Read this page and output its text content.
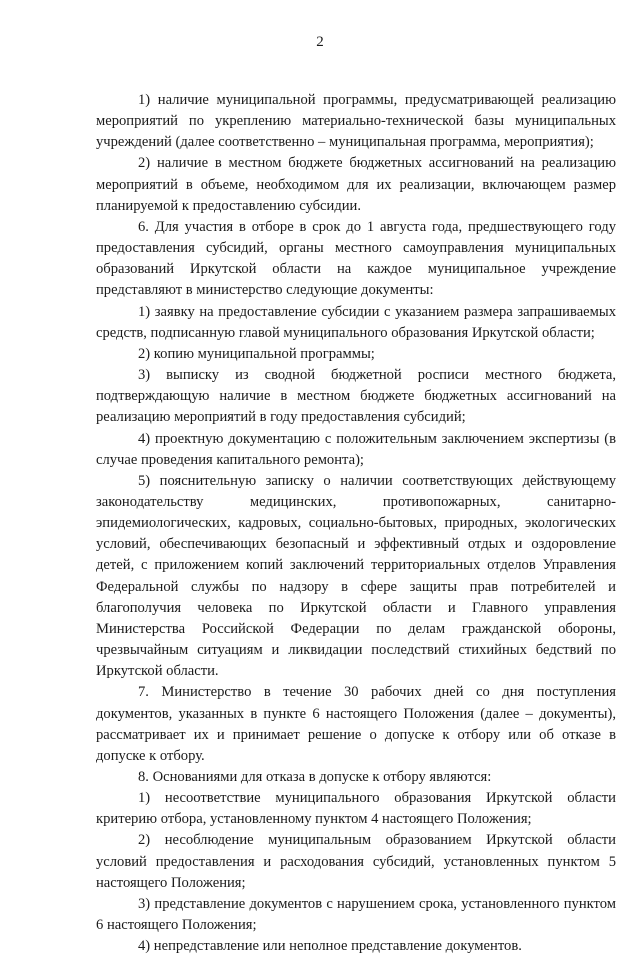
2

1) наличие муниципальной программы, предусматривающей реализацию мероприятий по укреплению материально-технической базы муниципальных учреждений (далее соответственно – муниципальная программа, мероприятия);

2) наличие в местном бюджете бюджетных ассигнований на реализацию мероприятий в объеме, необходимом для их реализации, включающем размер планируемой к предоставлению субсидии.

6. Для участия в отборе в срок до 1 августа года, предшествующего году предоставления субсидий, органы местного самоуправления муниципальных образований Иркутской области на каждое муниципальное учреждение представляют в министерство следующие документы:

1) заявку на предоставление субсидии с указанием размера запрашиваемых средств, подписанную главой муниципального образования Иркутской области;

2) копию муниципальной программы;

3) выписку из сводной бюджетной росписи местного бюджета, подтверждающую наличие в местном бюджете бюджетных ассигнований на реализацию мероприятий в году предоставления субсидий;

4) проектную документацию с положительным заключением экспертизы (в случае проведения капитального ремонта);

5) пояснительную записку о наличии соответствующих действующему законодательству медицинских, противопожарных, санитарно-эпидемиологических, кадровых, социально-бытовых, природных, экологических условий, обеспечивающих безопасный и эффективный отдых и оздоровление детей, с приложением копий заключений территориальных отделов Управления Федеральной службы по надзору в сфере защиты прав потребителей и благополучия человека по Иркутской области и Главного управления Министерства Российской Федерации по делам гражданской обороны, чрезвычайным ситуациям и ликвидации последствий стихийных бедствий по Иркутской области.

7. Министерство в течение 30 рабочих дней со дня поступления документов, указанных в пункте 6 настоящего Положения (далее – документы), рассматривает их и принимает решение о допуске к отбору или об отказе в допуске к отбору.

8. Основаниями для отказа в допуске к отбору являются:

1) несоответствие муниципального образования Иркутской области критерию отбора, установленному пунктом 4 настоящего Положения;

2) несоблюдение муниципальным образованием Иркутской области условий предоставления и расходования субсидий, установленных пунктом 5 настоящего Положения;

3) представление документов с нарушением срока, установленного пунктом 6 настоящего Положения;

4) непредставление или неполное представление документов.
